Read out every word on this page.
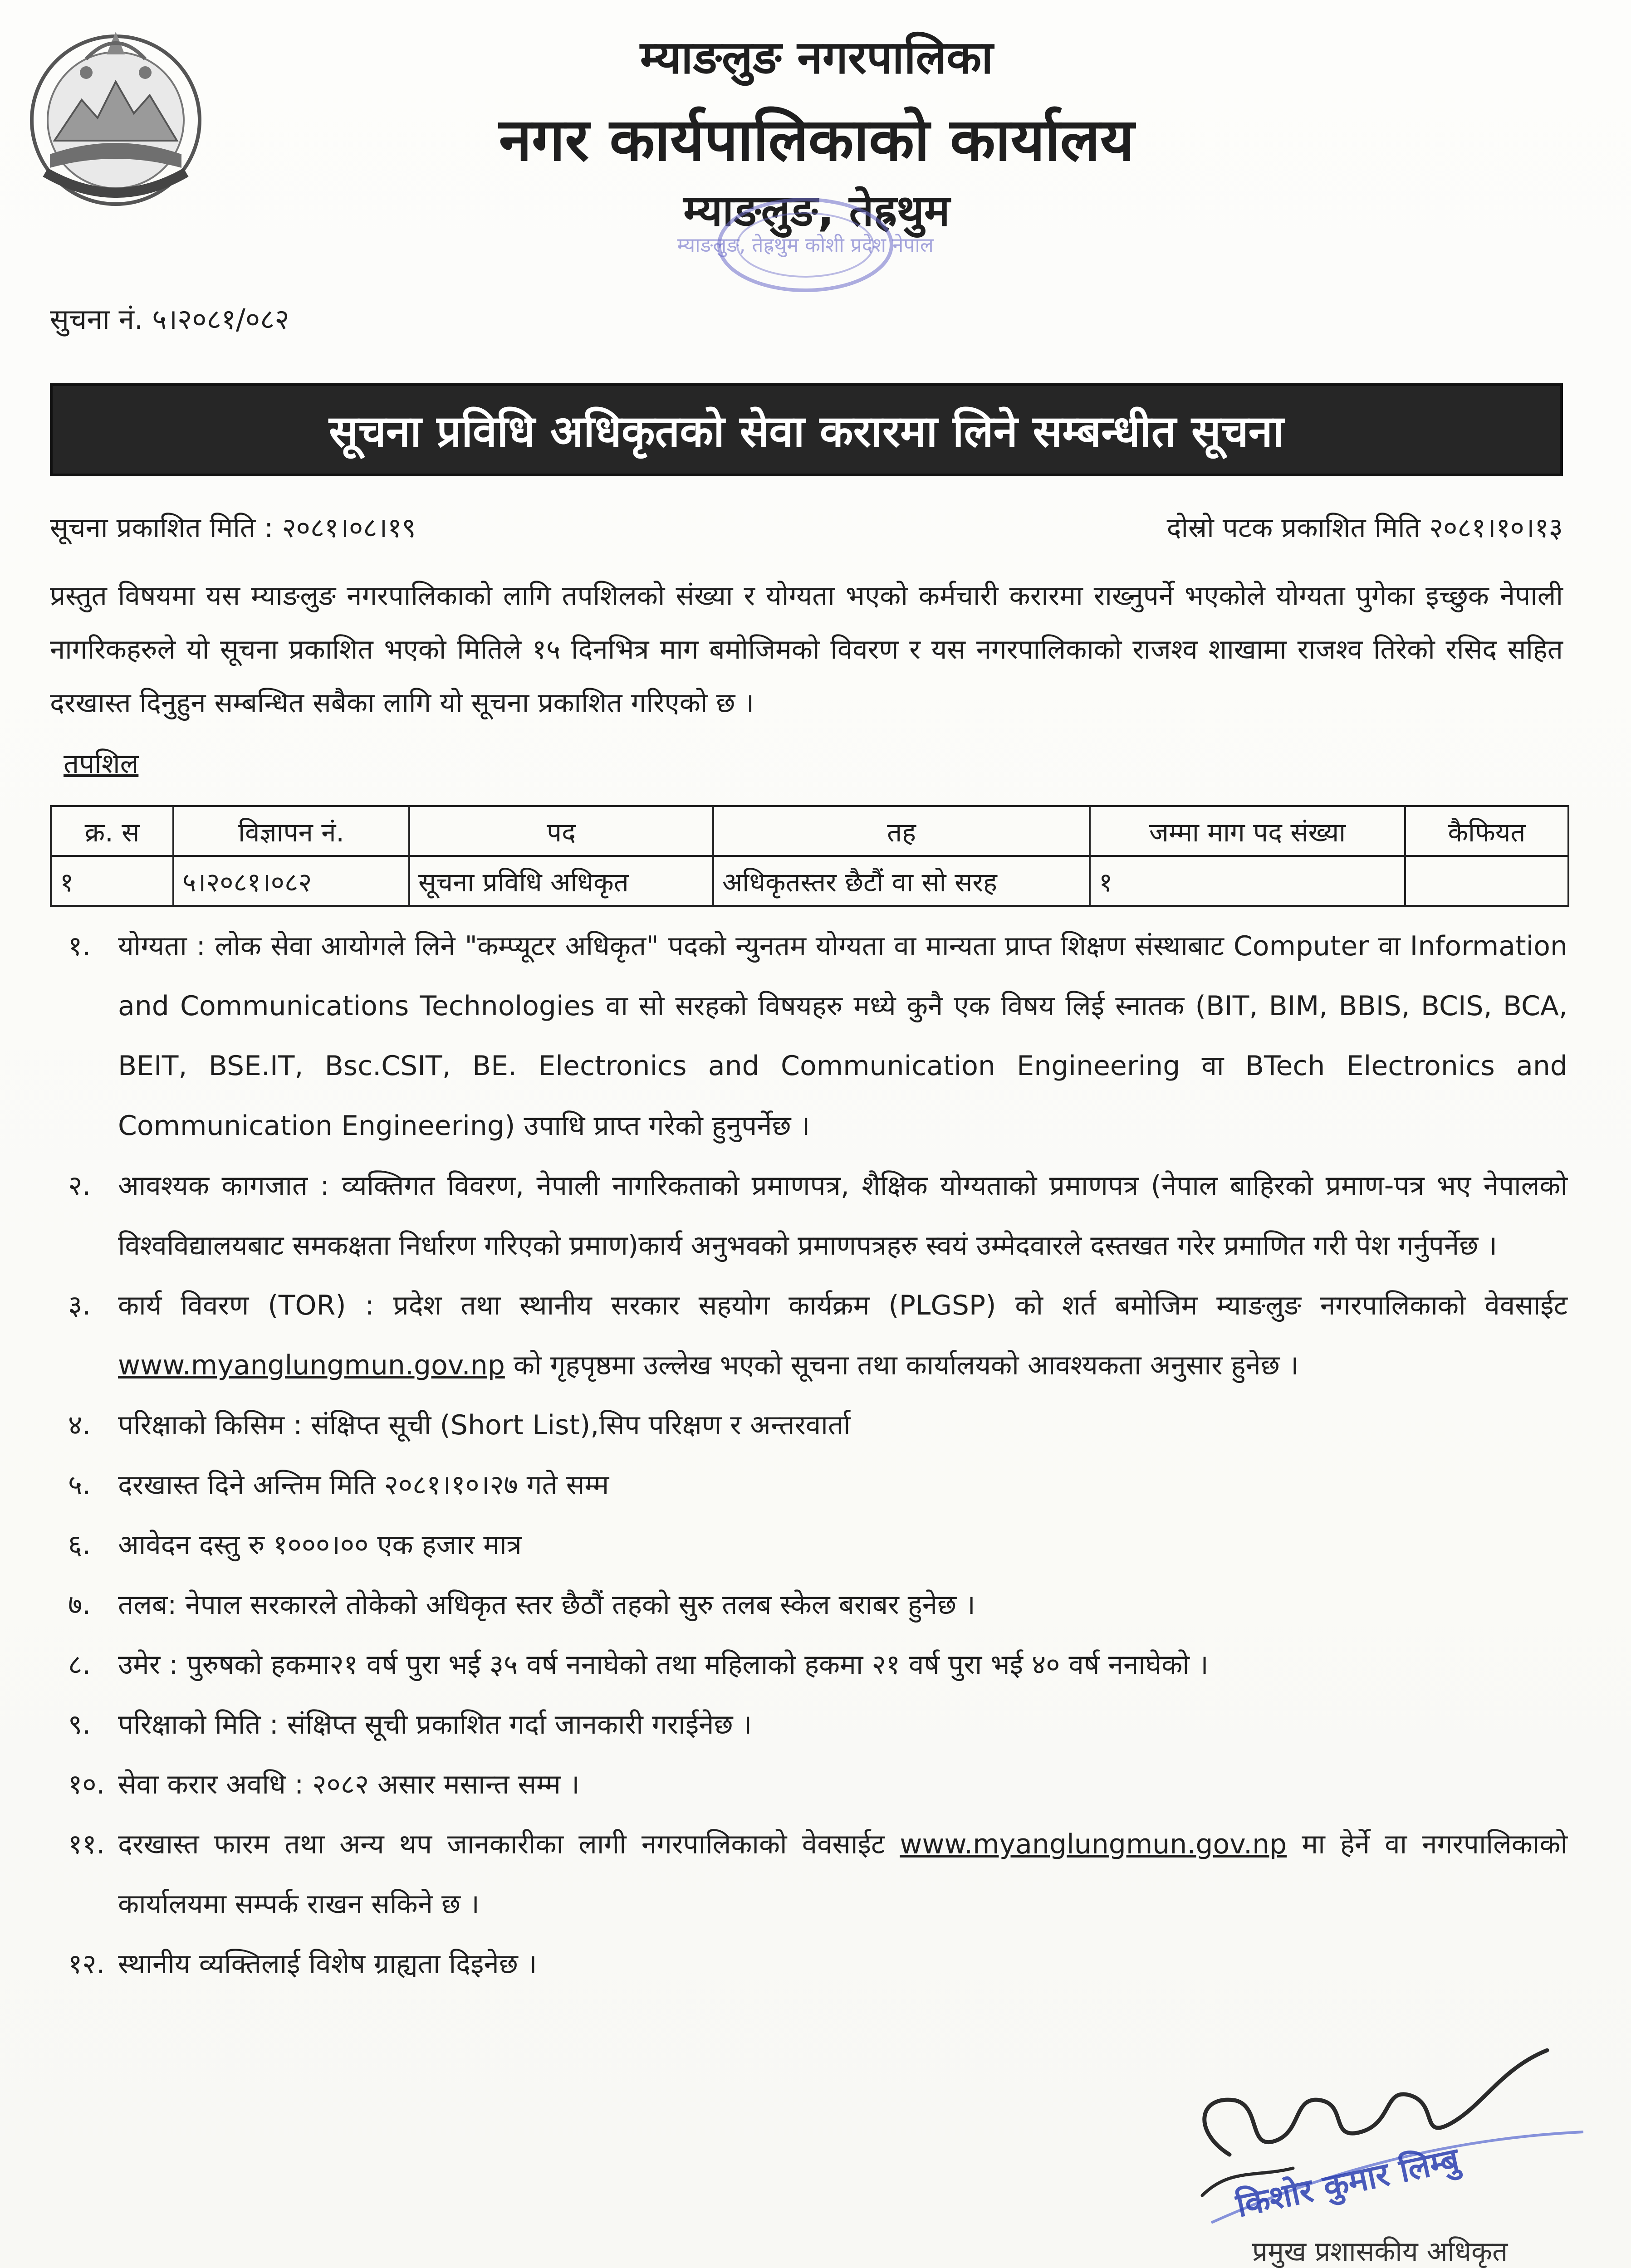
म्याङलुङ नगरपालिका
नगर कार्यपालिकाको कार्यालय
म्याङलुङ, तेह्रथुम
म्याङलुङ, तेह्रथुम कोशी प्रदेश नेपाल
सुचना नं. ५।२०८१/०८२
सूचना प्रविधि अधिकृतको सेवा करारमा लिने सम्बन्धीत सूचना
सूचना प्रकाशित मिति : २०८१।०८।१९	दोस्रो पटक प्रकाशित मिति २०८१।१०।१३
प्रस्तुत विषयमा यस म्याङलुङ नगरपालिकाको लागि तपशिलको संख्या र योग्यता भएको कर्मचारी करारमा राख्नुपर्ने भएकोले योग्यता पुगेका इच्छुक नेपाली नागरिकहरुले यो सूचना प्रकाशित भएको मितिले १५ दिनभित्र माग बमोजिमको विवरण र यस नगरपालिकाको राजश्व शाखामा राजश्व तिरेको रसिद सहित दरखास्त दिनुहुन सम्बन्धित सबैका लागि यो सूचना प्रकाशित गरिएको छ ।
तपशिल
क्र. स	विज्ञापन नं.	पद	तह	जम्मा माग पद संख्या	कैफियत
१	५।२०८१।०८२	सूचना प्रविधि अधिकृत	अधिकृतस्तर छैटौं वा सो सरह	१	
१. योग्यता : लोक सेवा आयोगले लिने "कम्प्यूटर अधिकृत" पदको न्युनतम योग्यता वा मान्यता प्राप्त शिक्षण संस्थाबाट Computer वा Information and Communications Technologies वा सो सरहको विषयहरु मध्ये कुनै एक विषय लिई स्नातक (BIT, BIM, BBIS, BCIS, BCA, BEIT, BSE.IT, Bsc.CSIT, BE. Electronics and Communication Engineering वा BTech Electronics and Communication Engineering) उपाधि प्राप्त गरेको हुनुपर्नेछ ।
२. आवश्यक कागजात : व्यक्तिगत विवरण, नेपाली नागरिकताको प्रमाणपत्र, शैक्षिक योग्यताको प्रमाणपत्र (नेपाल बाहिरको प्रमाण-पत्र भए नेपालको विश्वविद्यालयबाट समकक्षता निर्धारण गरिएको प्रमाण)कार्य अनुभवको प्रमाणपत्रहरु स्वयं उम्मेदवारले दस्तखत गरेर प्रमाणित गरी पेश गर्नुपर्नेछ ।
३. कार्य विवरण (TOR) : प्रदेश तथा स्थानीय सरकार सहयोग कार्यक्रम (PLGSP) को शर्त बमोजिम म्याङलुङ नगरपालिकाको वेवसाईट www.myanglungmun.gov.np को गृहपृष्ठमा उल्लेख भएको सूचना तथा कार्यालयको आवश्यकता अनुसार हुनेछ ।
४. परिक्षाको किसिम : संक्षिप्त सूची (Short List),सिप परिक्षण र अन्तरवार्ता
५. दरखास्त दिने अन्तिम मिति २०८१।१०।२७ गते सम्म
६. आवेदन दस्तु रु १०००।०० एक हजार मात्र
७. तलब: नेपाल सरकारले तोकेको अधिकृत स्तर छैठौं तहको सुरु तलब स्केल बराबर हुनेछ ।
८. उमेर : पुरुषको हकमा२१ वर्ष पुरा भई ३५ वर्ष ननाघेको तथा महिलाको हकमा २१ वर्ष पुरा भई ४० वर्ष ननाघेको ।
९. परिक्षाको मिति : संक्षिप्त सूची प्रकाशित गर्दा जानकारी गराईनेछ ।
१०. सेवा करार अवधि : २०८२ असार मसान्त सम्म ।
११. दरखास्त फारम तथा अन्य थप जानकारीका लागी नगरपालिकाको वेवसाईट www.myanglungmun.gov.np मा हेर्ने वा नगरपालिकाको कार्यालयमा सम्पर्क राखन सकिने छ ।
१२. स्थानीय व्यक्तिलाई विशेष ग्राह्यता दिइनेछ ।
किशोर कुमार लिम्बु
प्रमुख प्रशासकीय अधिकृत
